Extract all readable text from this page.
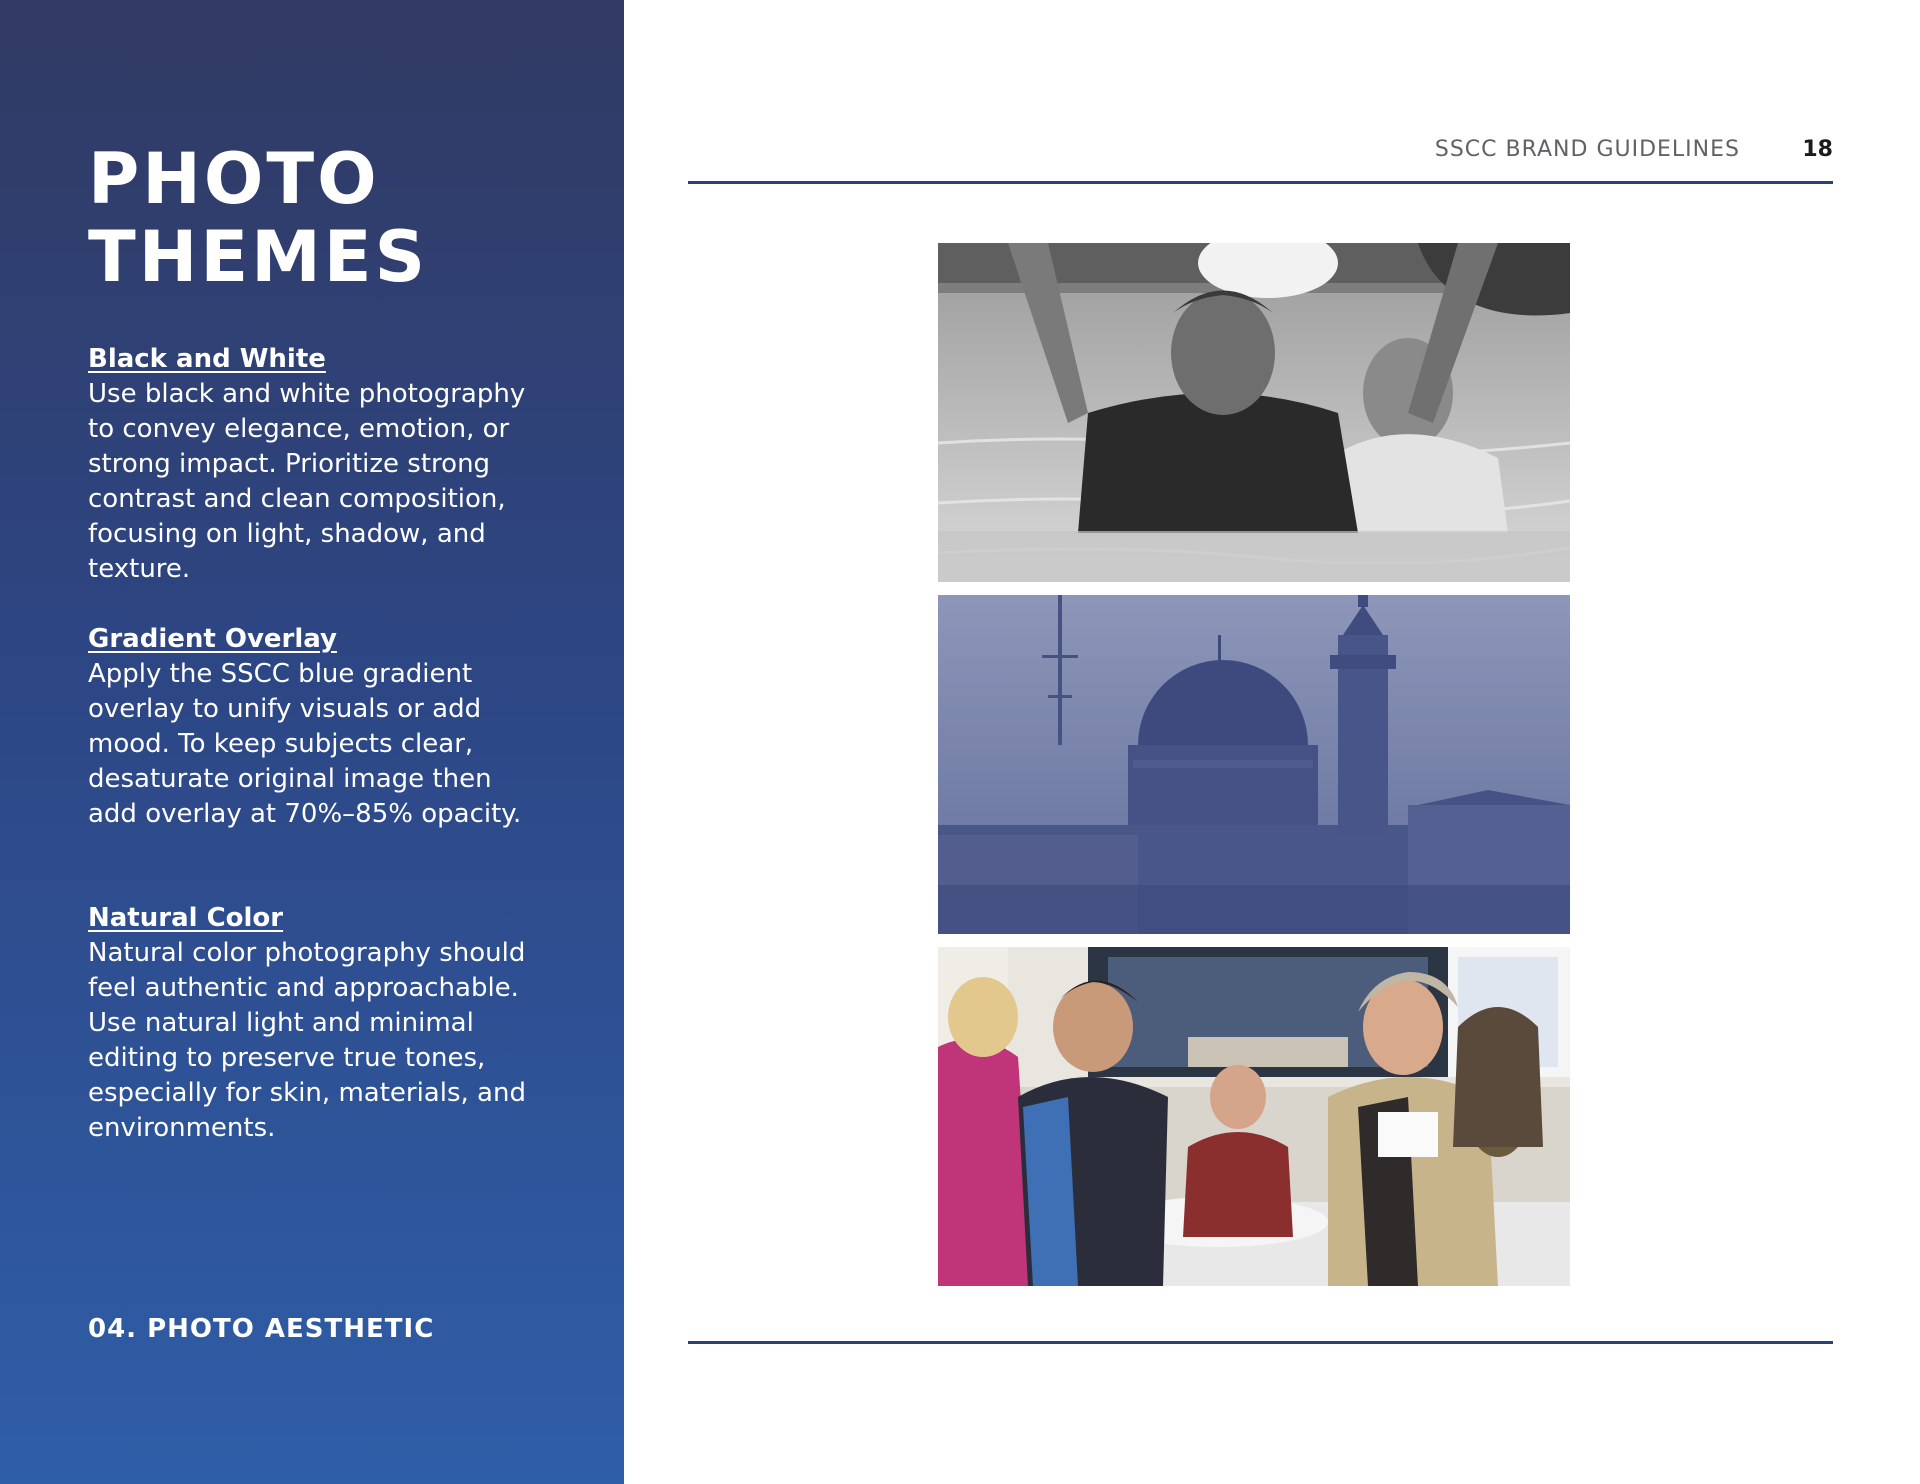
PHOTO
THEMES
Black and White

Use black and white photography to convey elegance, emotion, or strong impact. Prioritize strong contrast and clean composition, focusing on light, shadow, and texture.

Gradient Overlay

Apply the SSCC blue gradient overlay to unify visuals or add mood. To keep subjects clear, desaturate original image then add overlay at 70%–85% opacity.

Natural Color

Natural color photography should feel authentic and approachable. Use natural light and minimal editing to preserve true tones, especially for skin, materials, and environments.

04. PHOTO AESTHETIC
SSCC BRAND GUIDELINES	18
